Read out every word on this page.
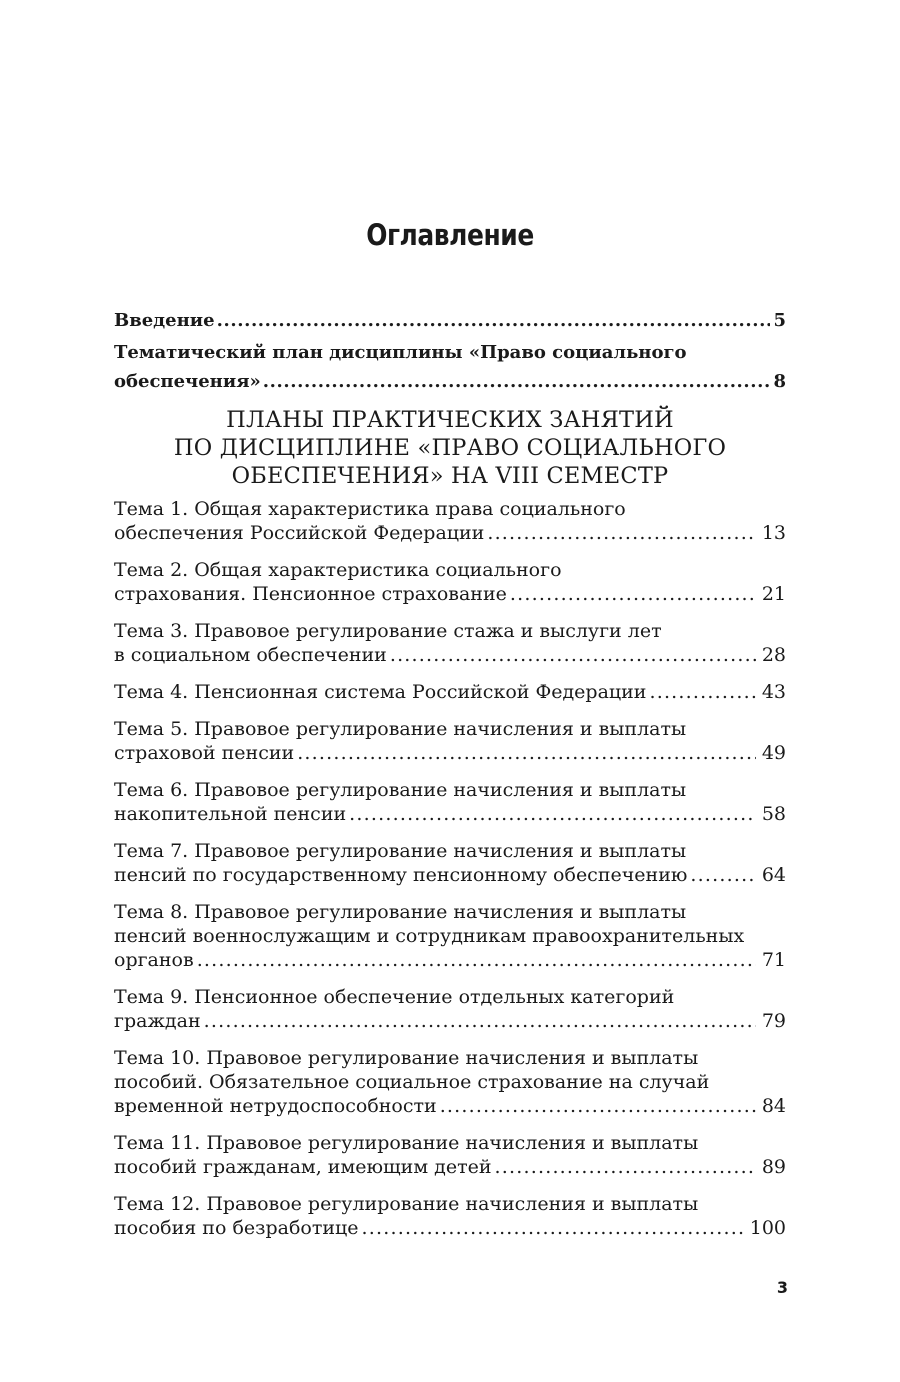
Оглавление
Введение .....	5
Тематический план дисциплины «Право социального
обеспечения» .....	8
ПЛАНЫ ПРАКТИЧЕСКИХ ЗАНЯТИЙ
ПО ДИСЦИПЛИНЕ «ПРАВО СОЦИАЛЬНОГО
ОБЕСПЕЧЕНИЯ» НА VIII СЕМЕСТР
Тема 1. Общая характеристика права социального
обеспечения Российской Федерации .....	13
Тема 2. Общая характеристика социального
страхования. Пенсионное страхование .....	21
Тема 3. Правовое регулирование стажа и выслуги лет
в социальном обеспечении .....	28
Тема 4. Пенсионная система Российской Федерации .....	43
Тема 5. Правовое регулирование начисления и выплаты
страховой пенсии .....	49
Тема 6. Правовое регулирование начисления и выплаты
накопительной пенсии .....	58
Тема 7. Правовое регулирование начисления и выплаты
пенсий по государственному пенсионному обеспечению .....	64
Тема 8. Правовое регулирование начисления и выплаты
пенсий военнослужащим и сотрудникам правоохранительных
органов .....	71
Тема 9. Пенсионное обеспечение отдельных категорий
граждан .....	79
Тема 10. Правовое регулирование начисления и выплаты
пособий. Обязательное социальное страхование на случай
временной нетрудоспособности .....	84
Тема 11. Правовое регулирование начисления и выплаты
пособий гражданам, имеющим детей .....	89
Тема 12. Правовое регулирование начисления и выплаты
пособия по безработице .....	100
3
